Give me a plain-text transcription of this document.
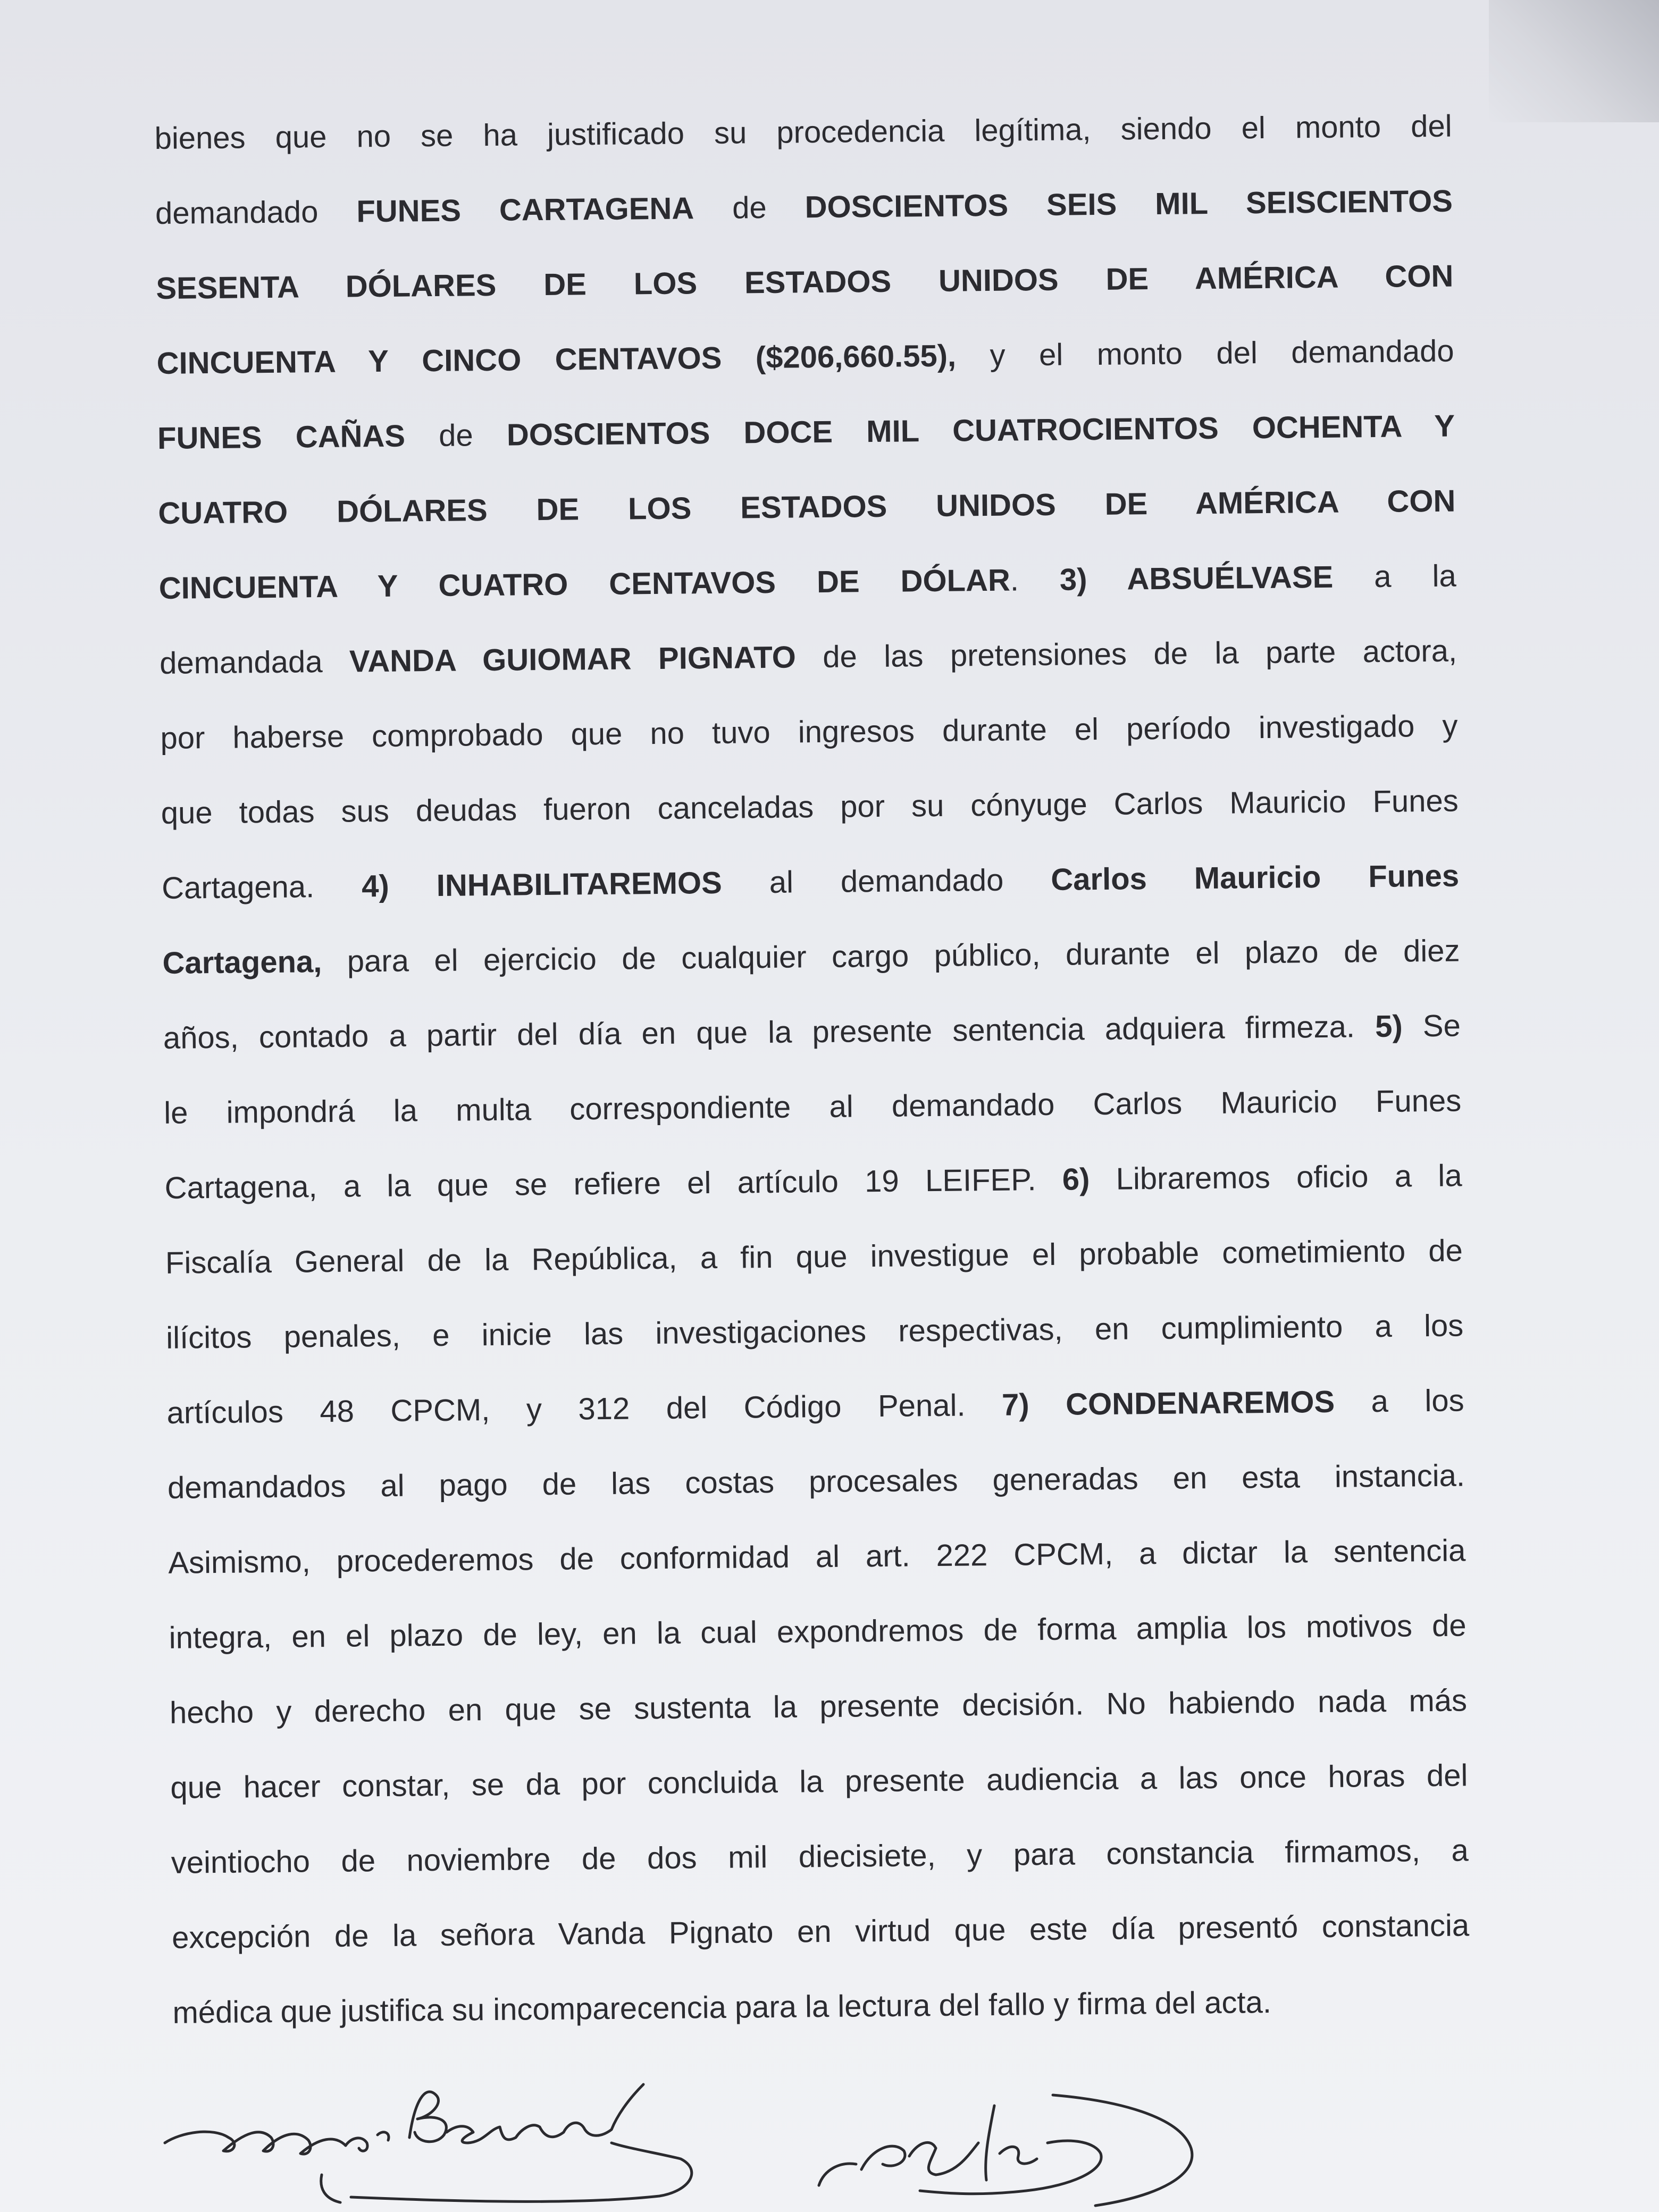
bienes que no se ha justificado su procedencia legítima, siendo el monto del
demandado FUNES CARTAGENA de DOSCIENTOS SEIS MIL SEISCIENTOS
SESENTA DÓLARES DE LOS ESTADOS UNIDOS DE AMÉRICA CON
CINCUENTA Y CINCO CENTAVOS ($206,660.55), y el monto del demandado
FUNES CAÑAS de DOSCIENTOS DOCE MIL CUATROCIENTOS OCHENTA Y
CUATRO DÓLARES DE LOS ESTADOS UNIDOS DE AMÉRICA CON
CINCUENTA Y CUATRO CENTAVOS DE DÓLAR. 3) ABSUÉLVASE a la
demandada VANDA GUIOMAR PIGNATO de las pretensiones de la parte actora,
por haberse comprobado que no tuvo ingresos durante el período investigado y
que todas sus deudas fueron canceladas por su cónyuge Carlos Mauricio Funes
Cartagena. 4) INHABILITAREMOS al demandado Carlos Mauricio Funes
Cartagena, para el ejercicio de cualquier cargo público, durante el plazo de diez
años, contado a partir del día en que la presente sentencia adquiera firmeza. 5) Se
le impondrá la multa correspondiente al demandado Carlos Mauricio Funes
Cartagena, a la que se refiere el artículo 19 LEIFEP. 6) Libraremos oficio a la
Fiscalía General de la República, a fin que investigue el probable cometimiento de
ilícitos penales, e inicie las investigaciones respectivas, en cumplimiento a los
artículos 48 CPCM, y 312 del Código Penal. 7) CONDENAREMOS a los
demandados al pago de las costas procesales generadas en esta instancia.
Asimismo, procederemos de conformidad al art. 222 CPCM, a dictar la sentencia
integra, en el plazo de ley, en la cual expondremos de forma amplia los motivos de
hecho y derecho en que se sustenta la presente decisión. No habiendo nada más
que hacer constar, se da por concluida la presente audiencia a las once horas del
veintiocho de noviembre de dos mil diecisiete, y para constancia firmamos, a
excepción de la señora Vanda Pignato en virtud que este día presentó constancia
médica que justifica su incomparecencia para la lectura del fallo y firma del acta.
